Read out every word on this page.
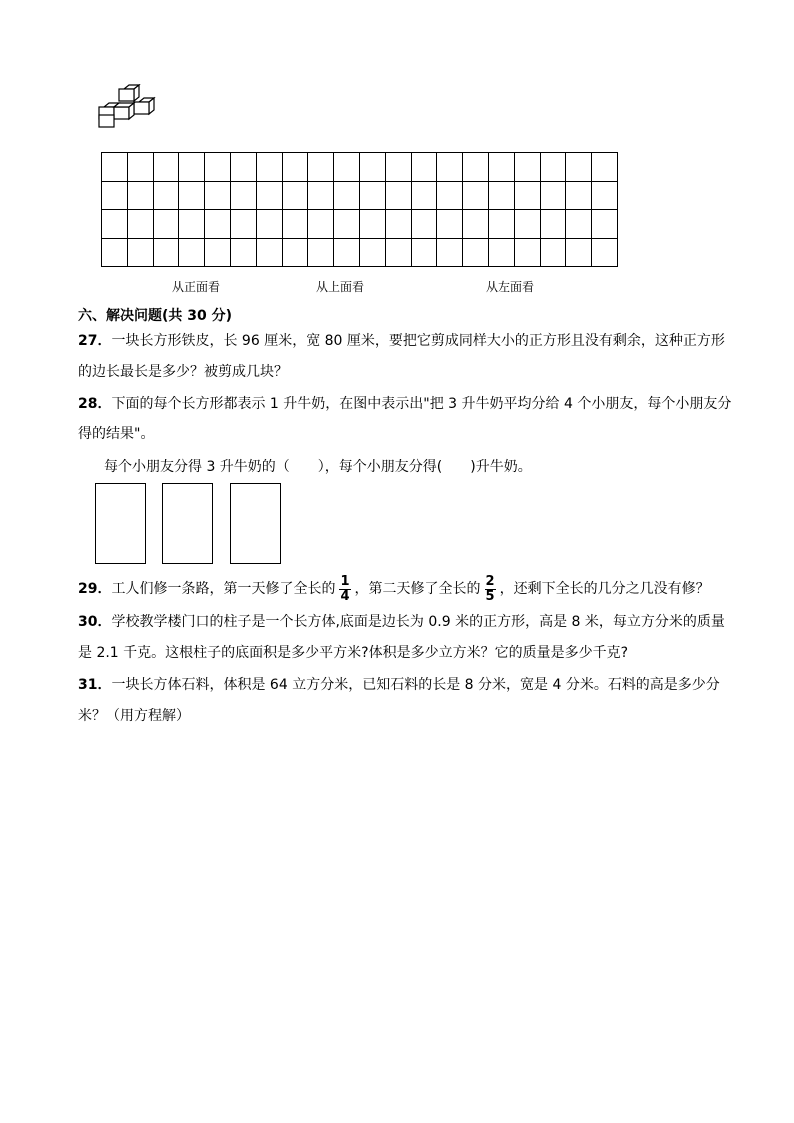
从正面看	从上面看	从左面看
六、解决问题(共 30 分)
27．一块长方形铁皮，长 96 厘米，宽 80 厘米，要把它剪成同样大小的正方形且没有剩余，这种正方形
的边长最长是多少？被剪成几块？
28．下面的每个长方形都表示 1 升牛奶，在图中表示出"把 3 升牛奶平均分给 4 个小朋友，每个小朋友分
得的结果"。
每个小朋友分得 3 升牛奶的（　　），每个小朋友分得(　　)升牛奶。
29．工人们修一条路，第一天修了全长的 $\frac{1}{4}$ ，第二天修了全长的 $\frac{2}{5}$ ，还剩下全长的几分之几没有修？
30．学校教学楼门口的柱子是一个长方体,底面是边长为 0.9 米的正方形，高是 8 米，每立方分米的质量
是 2.1 千克。这根柱子的底面积是多少平方米?体积是多少立方米？它的质量是多少千克?
31．一块长方体石料，体积是 64 立方分米，已知石料的长是 8 分米，宽是 4 分米。石料的高是多少分
米？（用方程解）
